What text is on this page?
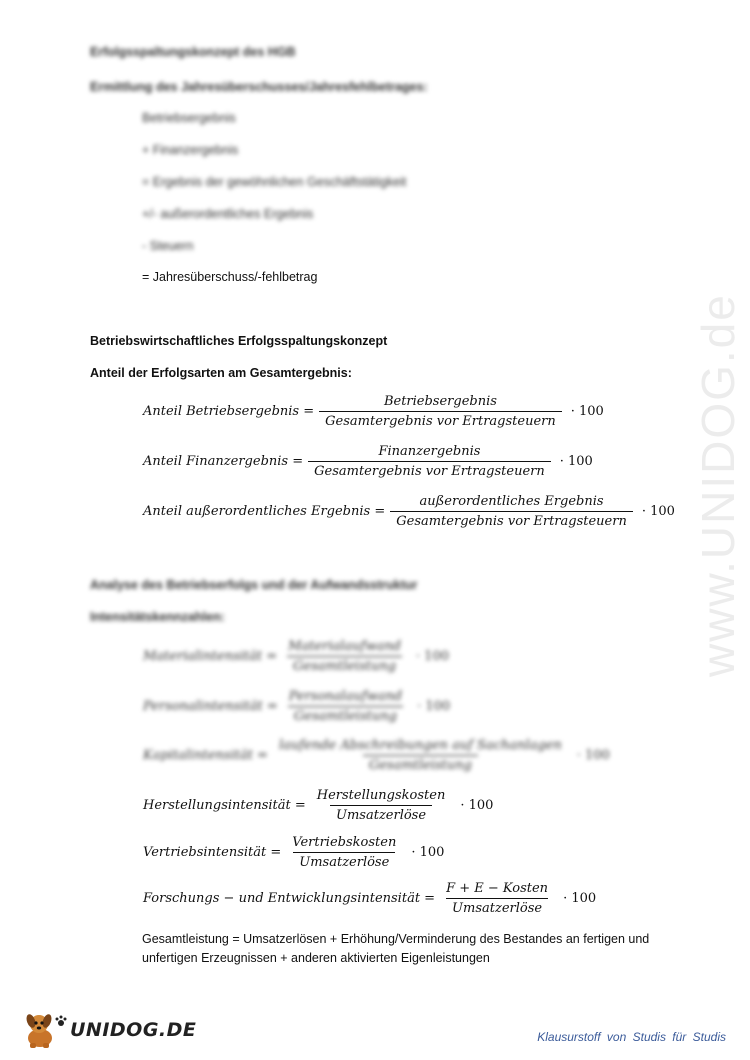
www.UNIDOG.de
Erfolgsspaltungskonzept des HGB
Ermittlung des Jahresüberschusses/Jahresfehlbetrages:
Betriebsergebnis
+ Finanzergebnis
= Ergebnis der gewöhnlichen Geschäftstätigkeit
+/- außerordentliches Ergebnis
- Steuern
= Jahresüberschuss/-fehlbetrag
Betriebswirtschaftliches Erfolgsspaltungskonzept
Anteil der Erfolgsarten am Gesamtergebnis:
Anteil Betriebsergebnis = $\frac{\text{Betriebsergebnis}}{\text{Gesamtergebnis vor Ertragsteuern}} \cdot 100$
Anteil Finanzergebnis = $\frac{\text{Finanzergebnis}}{\text{Gesamtergebnis vor Ertragsteuern}} \cdot 100$
Anteil außerordentliches Ergebnis = $\frac{\text{außerordentliches Ergebnis}}{\text{Gesamtergebnis vor Ertragsteuern}} \cdot 100$
Analyse des Betriebserfolgs und der Aufwandsstruktur
Intensitätskennzahlen:
Materialintensität = $\frac{\text{Materialaufwand}}{\text{Gesamtleistung}} \cdot 100$
Personalintensität = $\frac{\text{Personalaufwand}}{\text{Gesamtleistung}} \cdot 100$
Kapitalintensität = $\frac{\text{laufende Abschreibungen auf Sachanlagen}}{\text{Gesamtleistung}} \cdot 100$
Herstellungsintensität = $\frac{\text{Herstellungskosten}}{\text{Umsatzerlöse}} \cdot 100$
Vertriebsintensität = $\frac{\text{Vertriebskosten}}{\text{Umsatzerlöse}} \cdot 100$
Forschungs − und Entwicklungsintensität = $\frac{\text{F + E − Kosten}}{\text{Umsatzerlöse}} \cdot 100$
Gesamtleistung = Umsatzerlösen + Erhöhung/Verminderung des Bestandes an fertigen und
unfertigen Erzeugnissen + anderen aktivierten Eigenleistungen
UNIDOG.DE	Klausurstoff von Studis für Studis
